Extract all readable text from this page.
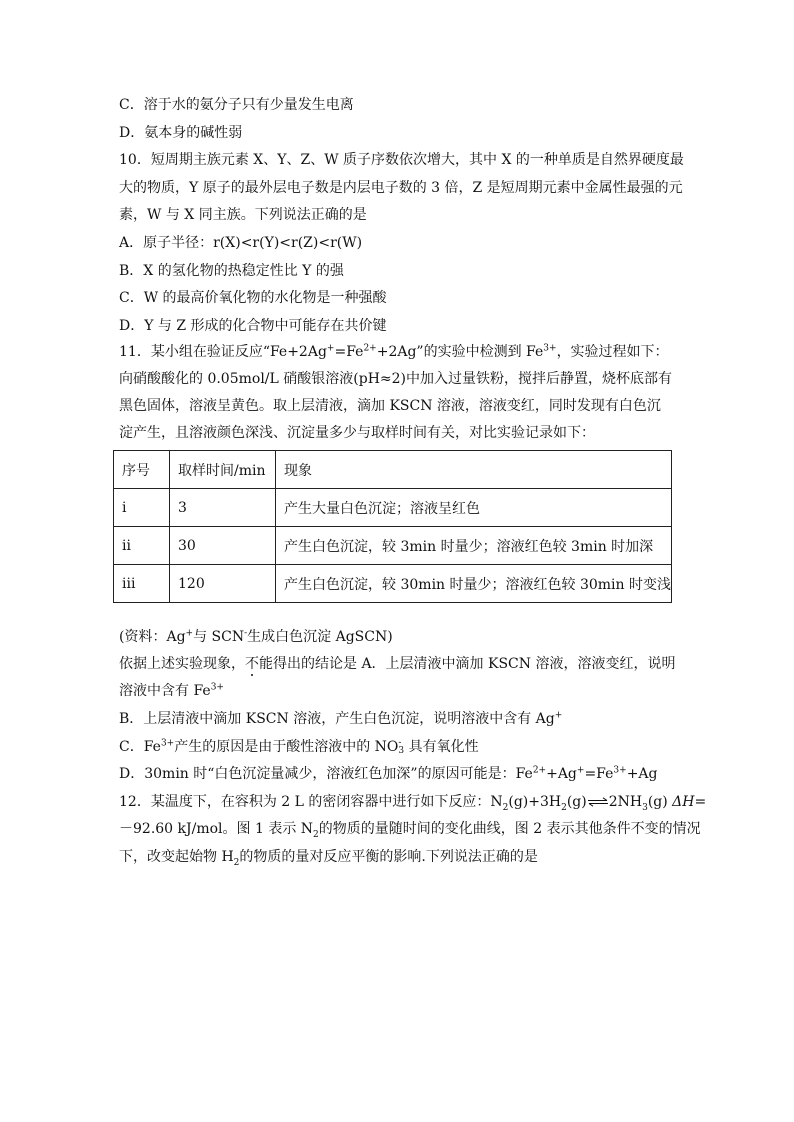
C．溶于水的氨分子只有少量发生电离
D．氨本身的碱性弱
10．短周期主族元素 X、Y、Z、W 质子序数依次增大，其中 X 的一种单质是自然界硬度最
大的物质，Y 原子的最外层电子数是内层电子数的 3 倍，Z 是短周期元素中金属性最强的元
素，W 与 X 同主族。下列说法正确的是
A．原子半径：r(X)<r(Y)<r(Z)<r(W)
B．X 的氢化物的热稳定性比 Y 的强
C．W 的最高价氧化物的水化物是一种强酸
D．Y 与 Z 形成的化合物中可能存在共价键
11．某小组在验证反应“$Fe+2Ag^+=Fe^{2+}+2Ag$”的实验中检测到 $Fe^{3+}$，实验过程如下：向硝酸酸化的 0.05mol/L 硝酸银溶液(pH≈2)中加入过量铁粉，搅拌后静置，烧杯底部有黑色固体，溶液呈黄色。取上层清液，滴加 KSCN 溶液，溶液变红，同时发现有白色沉淀产生，且溶液颜色深浅、沉淀量多少与取样时间有关，对比实验记录如下：
序号	取样时间/min	现象
i	3	产生大量白色沉淀；溶液呈红色
ii	30	产生白色沉淀，较 3min 时量少；溶液红色较 3min 时加深
iii	120	产生白色沉淀，较 30min 时量少；溶液红色较 30min 时变浅
(资料：Ag+与 SCN-生成白色沉淀 AgSCN)
依据上述实验现象，不能得出的结论是 A．上层清液中滴加 KSCN 溶液，溶液变红，说明
溶液中含有 $Fe^{3+}$
B．上层清液中滴加 KSCN 溶液，产生白色沉淀，说明溶液中含有 Ag+
C．$Fe^{3+}$产生的原因是由于酸性溶液中的 NO -
3 具有氧化性
D．30min 时“白色沉淀量减少，溶液红色加深”的原因可能是：$Fe^{2+}+Ag^+=Fe^{3+}+Ag$
12．某温度下，在容积为 2 L 的密闭容器中进行如下反应：$N_2(g)+3H_2(g)\rightleftharpoons 2NH_3(g)$ ΔH=
－92.60 kJ/mol。图 1 表示 $N_2$的物质的量随时间的变化曲线，图 2 表示其他条件不变的情况
下，改变起始物 $H_2$的物质的量对反应平衡的影响.下列说法正确的是
